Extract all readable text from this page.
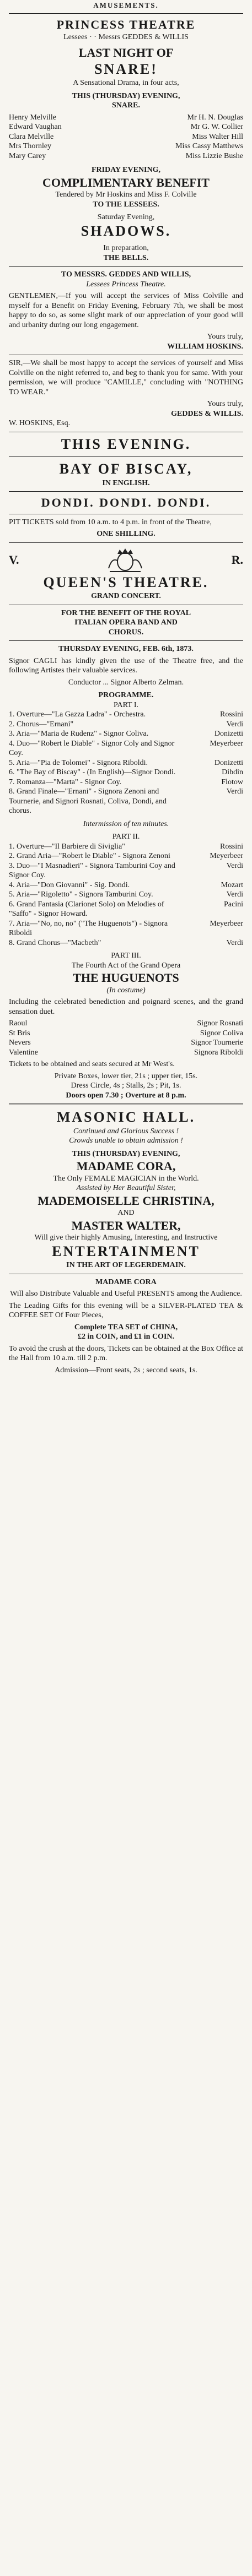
AMUSEMENTS.
PRINCESS THEATRE
Lessees · · Messrs GEDDES & WILLIS
LAST NIGHT OF
SNARE!
A Sensational Drama, in four acts,
THIS (THURSDAY) EVENING,
SNARE.
Henry Melville	Mr H. N. Douglas
Edward Vaughan	Mr G. W. Collier
Clara Melville	Miss Walter Hill
Mrs Thornley	Miss Cassy Matthews
Mary Carey	Miss Lizzie Bushe
FRIDAY EVENING,
COMPLIMENTARY BENEFIT
Tendered by Mr Hoskins and Miss F. Colville
TO THE LESSEES.
Saturday Evening,
SHADOWS.
In preparation,
THE BELLS.
TO MESSRS. GEDDES AND WILLIS,
Lessees Princess Theatre.

GENTLEMEN,—If you will accept the services of Miss Colville and myself for a Benefit on Friday Evening, February 7th, we shall be most happy to do so, as some slight mark of our appreciation of your good will and urbanity during our long engagement.

Yours truly,
WILLIAM HOSKINS.

SIR,—We shall be most happy to accept the services of yourself and Miss Colville on the night referred to, and beg to thank you for same. With your permission, we will produce "CAMILLE," concluding with "NOTHING TO WEAR."

Yours truly,
GEDDES & WILLIS.
W. HOSKINS, Esq.
THIS EVENING.
BAY OF BISCAY,
IN ENGLISH.
DONDI. DONDI. DONDI.

PIT TICKETS sold from 10 a.m. to 4 p.m. in front of the Theatre,

ONE SHILLING.
V.	R.
QUEEN'S THEATRE.
GRAND CONCERT.
FOR THE BENEFIT OF THE ROYAL
ITALIAN OPERA BAND AND
CHORUS.
THURSDAY EVENING, FEB. 6th, 1873.

Signor CAGLI has kindly given the use of the Theatre free, and the following Artistes their valuable services.

Conductor ... Signor Alberto Zelman.
PROGRAMME.
PART I.
1. Overture—"La Gazza Ladra" - Orchestra.	Rossini
2. Chorus—"Ernani"	Verdi
3. Aria—"Maria de Rudenz" - Signor Coliva.	Donizetti
4. Duo—"Robert le Diable" - Signor Coly and Signor Coy.
Meyerbeer
5. Aria—"Pia de Tolomei" - Signora Riboldi.	Donizetti
6. "The Bay of Biscay" - (In English)—Signor Dondi.	Dibdin
7. Romanza—"Marta" - Signor Coy.	Flotow
8. Grand Finale—"Ernani" - Signora Zenoni and Tournerie, and Signori Rosnati, Coliva, Dondi, and chorus.
Verdi
Intermission of ten minutes.
PART II.
1. Overture—"Il Barbiere di Siviglia"	Rossini
2. Grand Aria—"Robert le Diable" - Signora Zenoni	Meyerbeer
3. Duo—"I Masnadieri" - Signora Tamburini Coy and Signor Coy.
Verdi
4. Aria—"Don Giovanni" - Sig. Dondi.	Mozart
5. Aria—"Rigoletto" - Signora Tamburini Coy.	Verdi
6. Grand Fantasia (Clarionet Solo) on Melodies of "Saffo" - Signor Howard.
Pacini
7. Aria—"No, no, no" ("The Huguenots") - Signora Riboldi
Meyerbeer
8. Grand Chorus—"Macbeth"	Verdi
PART III.
The Fourth Act of the Grand Opera
THE HUGUENOTS
(In costume)

Including the celebrated benediction and poignard scenes, and the grand sensation duet.

Raoul	Signor Rosnati
St Bris	Signor Coliva
Nevers	Signor Tournerie
Valentine	Signora Riboldi

Tickets to be obtained and seats secured at Mr West's.

Private Boxes, lower tier, 21s ; upper tier, 15s.
Dress Circle, 4s ; Stalls, 2s ; Pit, 1s.
Doors open 7.30 ; Overture at 8 p.m.
MASONIC HALL.
Continued and Glorious Success !
Crowds unable to obtain admission !
THIS (THURSDAY) EVENING,
MADAME CORA,
The Only FEMALE MAGICIAN in the World.
Assisted by Her Beautiful Sister,
MADEMOISELLE CHRISTINA,
AND
MASTER WALTER,
Will give their highly Amusing, Interesting, and Instructive
ENTERTAINMENT
IN THE ART OF LEGERDEMAIN.
MADAME CORA

Will also Distribute Valuable and Useful PRESENTS among the Audience.

The Leading Gifts for this evening will be a SILVER-PLATED TEA & COFFEE SET Of Four Pieces,

Complete TEA SET of CHINA,
£2 in COIN, and £1 in COIN.

To avoid the crush at the doors, Tickets can be obtained at the Box Office at the Hall from 10 a.m. till 2 p.m.

Admission—Front seats, 2s ; second seats, 1s.
